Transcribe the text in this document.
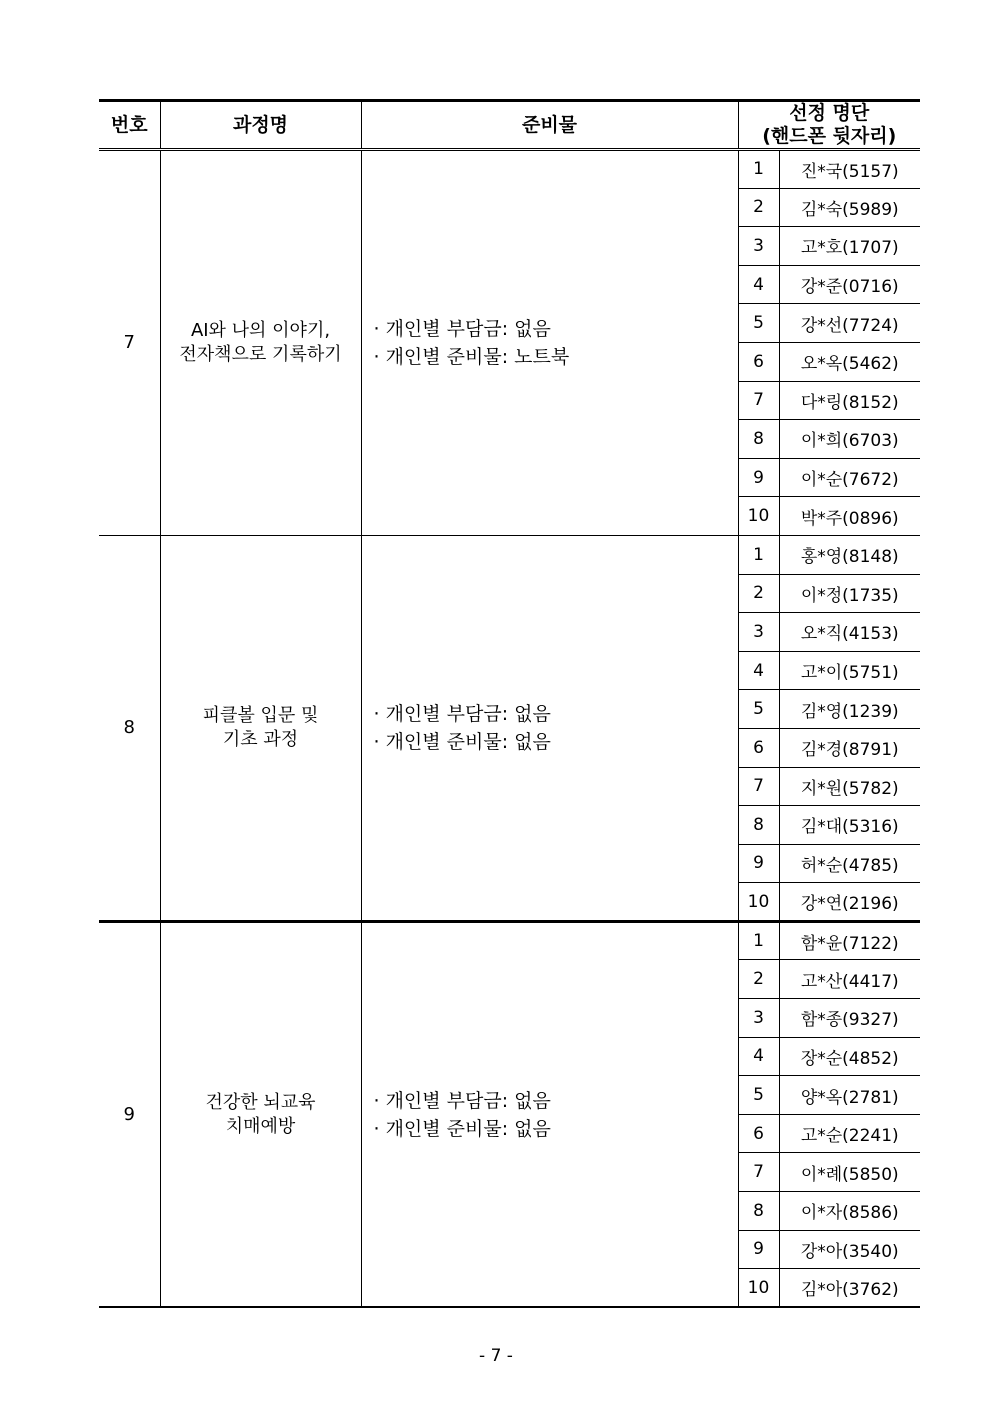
번호	과정명	준비물	선정 명단
(핸드폰 뒷자리)	

7	AI와 나의 이야기,
전자책으로 기록하기	· 개인별 부담금: 없음
· 개인별 준비물: 노트북	1	진*국(5157)
			2	김*숙(5989)
			3	고*호(1707)
			4	강*준(0716)
			5	강*선(7724)
			6	오*옥(5462)
			7	다*링(8152)
			8	이*희(6703)
			9	이*순(7672)
			10	박*주(0896)
8	피클볼 입문 및
기초 과정	· 개인별 부담금: 없음
· 개인별 준비물: 없음	1	홍*영(8148)
			2	이*정(1735)
			3	오*직(4153)
			4	고*이(5751)
			5	김*영(1239)
			6	김*경(8791)
			7	지*원(5782)
			8	김*대(5316)
			9	허*순(4785)
			10	강*연(2196)
9	건강한 뇌교육
치매예방	· 개인별 부담금: 없음
· 개인별 준비물: 없음	1	함*윤(7122)
			2	고*산(4417)
			3	함*종(9327)
			4	장*순(4852)
			5	양*옥(2781)
			6	고*순(2241)
			7	이*례(5850)
			8	이*자(8586)
			9	강*아(3540)
			10	김*아(3762)
- 7 -
